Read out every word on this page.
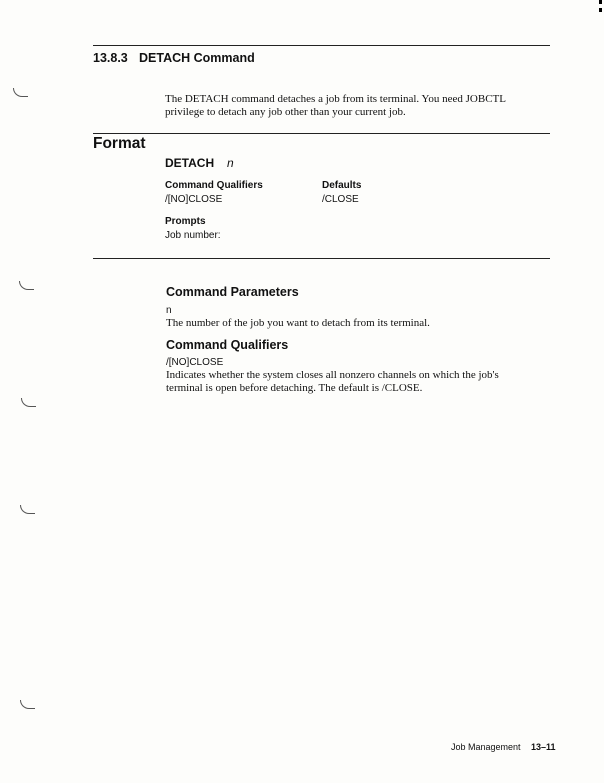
13.8.3 DETACH Command
The DETACH command detaches a job from its terminal. You need JOBCTL
privilege to detach any job other than your current job.
Format
DETACH n
Command Qualifiers	Defaults
/[NO]CLOSE	/CLOSE
Prompts
Job number:
Command Parameters
n
The number of the job you want to detach from its terminal.
Command Qualifiers
/[NO]CLOSE
Indicates whether the system closes all nonzero channels on which the job's
terminal is open before detaching. The default is /CLOSE.
Job Management 13–11
